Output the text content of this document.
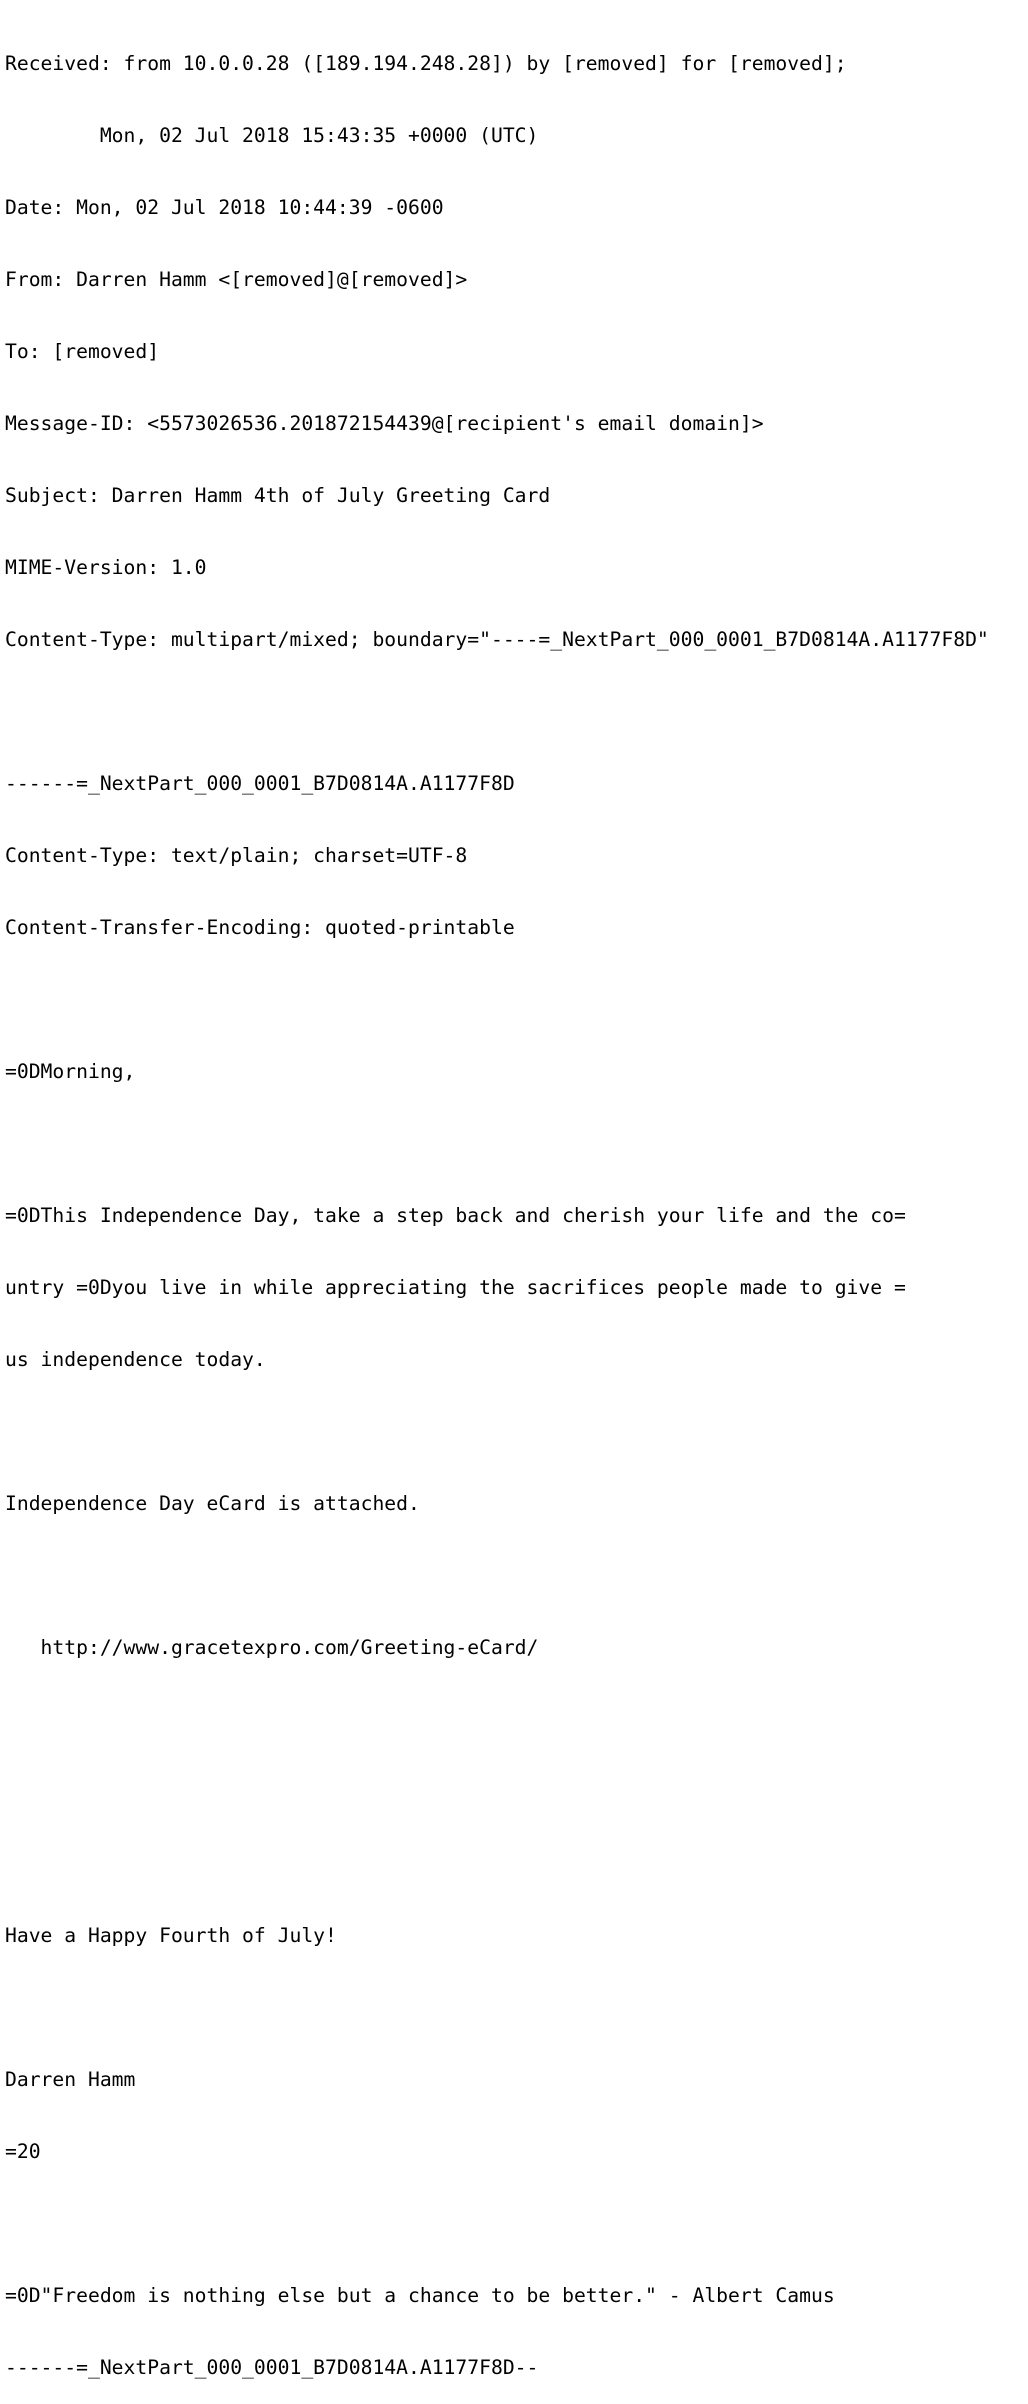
Received: from 10.0.0.28 ([189.194.248.28]) by [removed] for [removed];

Mon, 02 Jul 2018 15:43:35 +0000 (UTC)

Date: Mon, 02 Jul 2018 10:44:39 -0600

From: Darren Hamm <[removed]@[removed]>

To: [removed]

Message-ID: <5573026536.201872154439@[recipient's email domain]>

Subject: Darren Hamm 4th of July Greeting Card

MIME-Version: 1.0

Content-Type: multipart/mixed; boundary="----=_NextPart_000_0001_B7D0814A.A1177F8D"

------=_NextPart_000_0001_B7D0814A.A1177F8D

Content-Type: text/plain; charset=UTF-8

Content-Transfer-Encoding: quoted-printable

=0DMorning,

=0DThis Independence Day, take a step back and cherish your life and the co=

untry =0Dyou live in while appreciating the sacrifices people made to give =

us independence today.

Independence Day eCard is attached.

http://www.gracetexpro.com/Greeting-eCard/

Have a Happy Fourth of July!

Darren Hamm

=20

=0D"Freedom is nothing else but a chance to be better." - Albert Camus

------=_NextPart_000_0001_B7D0814A.A1177F8D--
